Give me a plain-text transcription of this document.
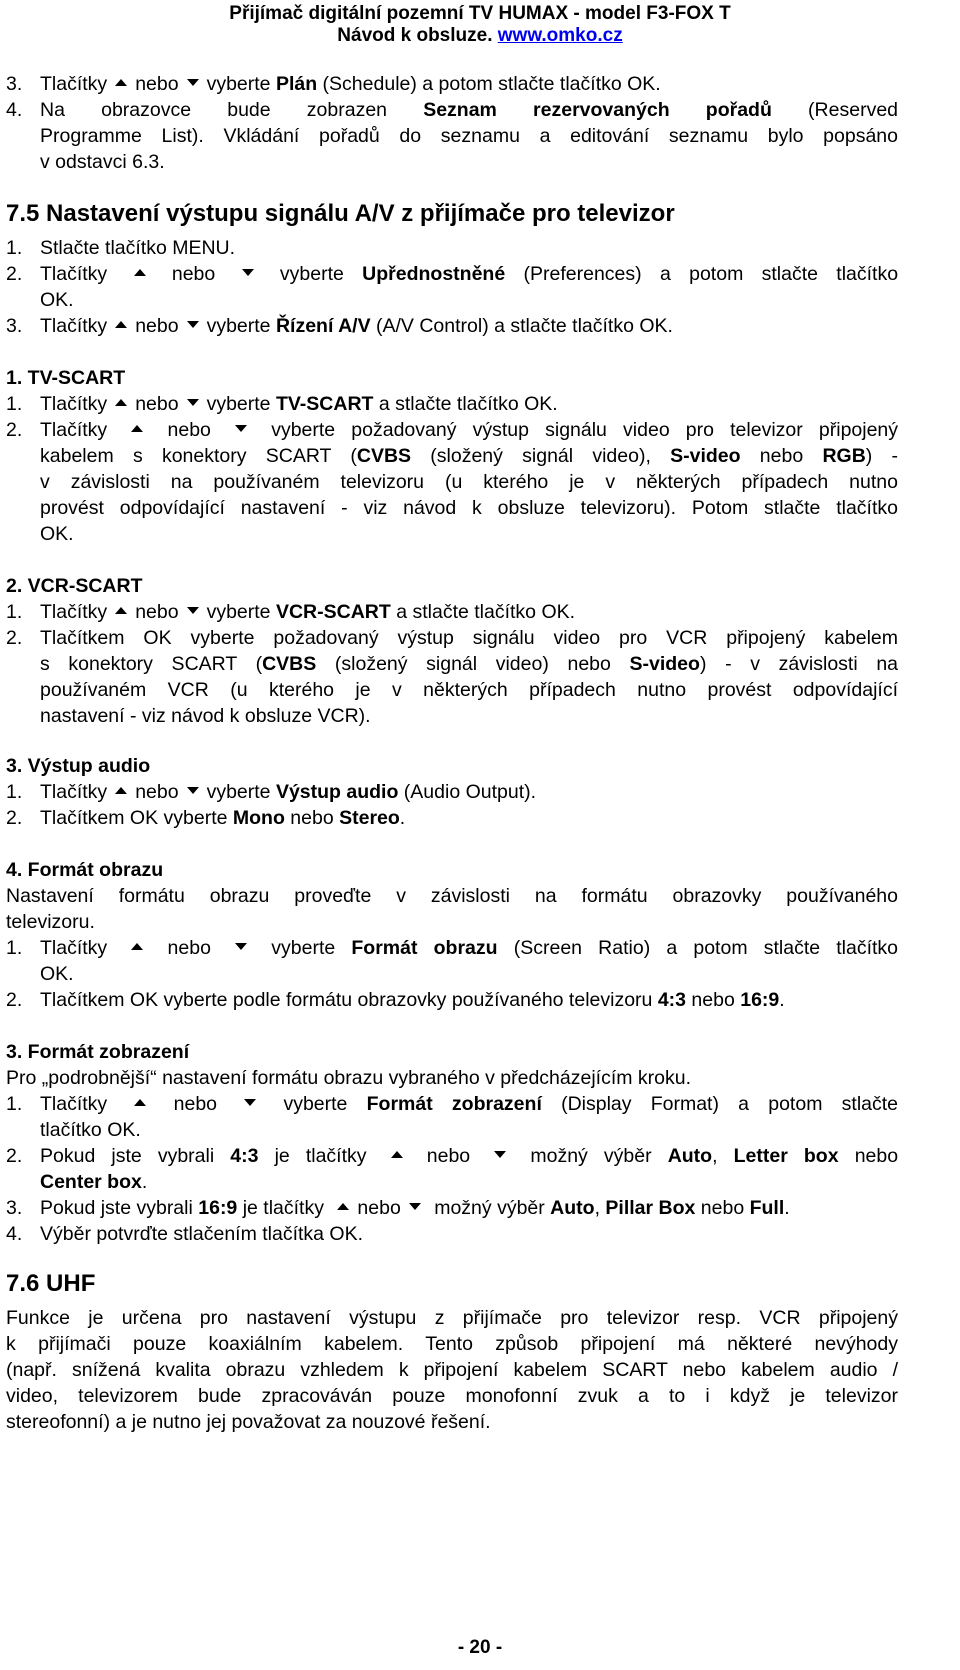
Přijímač digitální pozemní TV HUMAX - model F3-FOX T
Návod k obsluze. www.omko.cz
3. Tlačítky nebo vyberte Plán (Schedule) a potom stlačte tlačítko OK.
4. Na obrazovce bude zobrazen Seznam rezervovaných pořadů (Reserved
Programme List). Vkládání pořadů do seznamu a editování seznamu bylo popsáno
v odstavci 6.3.
7.5 Nastavení výstupu signálu A/V z přijímače pro televizor
1. Stlačte tlačítko MENU.
2. Tlačítky	nebo	vyberte Upřednostněné (Preferences) a potom stlačte tlačítko
OK.
3. Tlačítky nebo vyberte Řízení A/V (A/V Control) a stlačte tlačítko OK.
1. TV-SCART
1. Tlačítky nebo vyberte TV-SCART a stlačte tlačítko OK.
2. Tlačítky	nebo	vyberte požadovaný výstup signálu video pro televizor připojený
kabelem s konektory SCART (CVBS (složený signál video), S-video nebo RGB) -
v závislosti na používaném televizoru (u kterého je v některých případech nutno
provést odpovídající nastavení - viz návod k obsluze televizoru). Potom stlačte tlačítko
OK.
2. VCR-SCART
1. Tlačítky nebo vyberte VCR-SCART a stlačte tlačítko OK.
2. Tlačítkem OK vyberte požadovaný výstup signálu video pro VCR připojený kabelem
s konektory SCART (CVBS (složený signál video) nebo S-video) - v závislosti na
používaném VCR (u kterého je v některých případech nutno provést odpovídající
nastavení - viz návod k obsluze VCR).
3. Výstup audio
1. Tlačítky nebo vyberte Výstup audio (Audio Output).
2. Tlačítkem OK vyberte Mono nebo Stereo.
4. Formát obrazu
Nastavení formátu obrazu proveďte v závislosti na formátu obrazovky používaného
televizoru.
1. Tlačítky	nebo	vyberte Formát obrazu (Screen Ratio) a potom stlačte tlačítko
OK.
2. Tlačítkem OK vyberte podle formátu obrazovky používaného televizoru 4:3 nebo 16:9.
3. Formát zobrazení
Pro „podrobnější“ nastavení formátu obrazu vybraného v předcházejícím kroku.
1. Tlačítky	nebo	vyberte Formát zobrazení (Display Format) a potom stlačte
tlačítko OK.
2. Pokud jste vybrali 4:3 je tlačítky	nebo	možný výběr Auto, Letter box nebo
Center box.
3. Pokud jste vybrali 16:9 je tlačítky nebo možný výběr Auto, Pillar Box nebo Full.
4. Výběr potvrďte stlačením tlačítka OK.
7.6 UHF
Funkce je určena pro nastavení výstupu z přijímače pro televizor resp. VCR připojený
k přijímači pouze koaxiálním kabelem. Tento způsob připojení má některé nevýhody
(např. snížená kvalita obrazu vzhledem k připojení kabelem SCART nebo kabelem audio /
video, televizorem bude zpracováván pouze monofonní zvuk a to i když je televizor
stereofonní) a je nutno jej považovat za nouzové řešení.
- 20 -
